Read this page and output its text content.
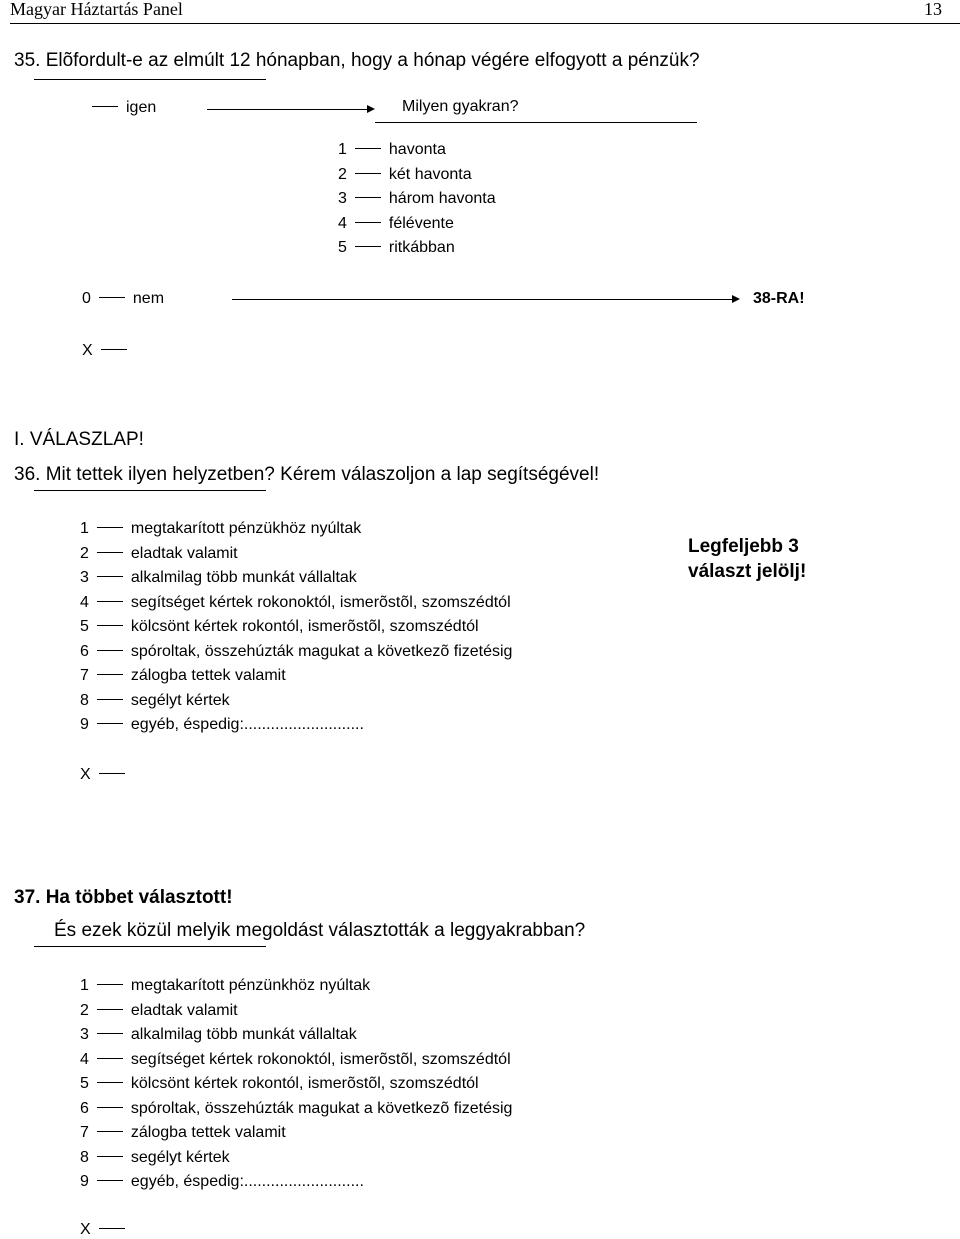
Magyar Háztartás Panel	13
35. Elõfordult-e az elmúlt 12 hónapban, hogy a hónap végére elfogyott a pénzük?
igen	Milyen gyakran?
1	havonta
2	két havonta
3	három havonta
4	félévente
5	ritkábban
0	nem	38-RA!
X
I. VÁLASZLAP!
36. Mit tettek ilyen helyzetben? Kérem válaszoljon a lap segítségével!
1	megtakarított pénzükhöz nyúltak
2	eladtak valamit
3	alkalmilag több munkát vállaltak
4	segítséget kértek rokonoktól, ismerõstõl, szomszédtól
5	kölcsönt kértek rokontól, ismerõstõl, szomszédtól
6	spóroltak, összehúzták magukat a következõ fizetésig
7	zálogba tettek valamit
8	segélyt kértek
9	egyéb, éspedig:...........................
Legfeljebb 3
választ jelölj!
X
37. Ha többet választott!
És ezek közül melyik megoldást választották a leggyakrabban?
1	megtakarított pénzünkhöz nyúltak
2	eladtak valamit
3	alkalmilag több munkát vállaltak
4	segítséget kértek rokonoktól, ismerõstõl, szomszédtól
5	kölcsönt kértek rokontól, ismerõstõl, szomszédtól
6	spóroltak, összehúzták magukat a következõ fizetésig
7	zálogba tettek valamit
8	segélyt kértek
9	egyéb, éspedig:...........................
X
